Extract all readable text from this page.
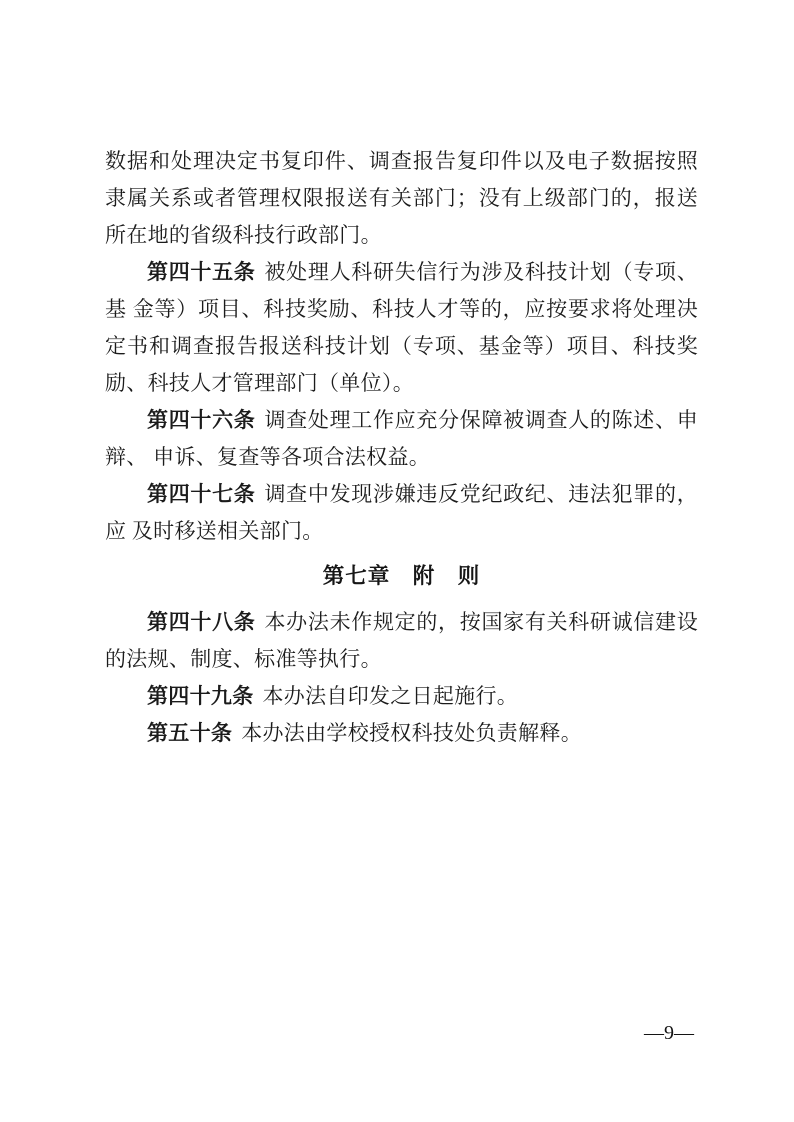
数据和处理决定书复印件、调查报告复印件以及电子数据按照隶属关系或者管理权限报送有关部门；没有上级部门的，报送所在地的省级科技行政部门。

第四十五条 被处理人科研失信行为涉及科技计划（专项、基 金等）项目、科技奖励、科技人才等的，应按要求将处理决定书和调查报告报送科技计划（专项、基金等）项目、科技奖励、科技人才管理部门（单位）。

第四十六条 调查处理工作应充分保障被调查人的陈述、申辩、 申诉、复查等各项合法权益。

第四十七条 调查中发现涉嫌违反党纪政纪、违法犯罪的，应 及时移送相关部门。

第七章　附　则

第四十八条 本办法未作规定的，按国家有关科研诚信建设的法规、制度、标准等执行。

第四十九条 本办法自印发之日起施行。

第五十条 本办法由学校授权科技处负责解释。

—9—
